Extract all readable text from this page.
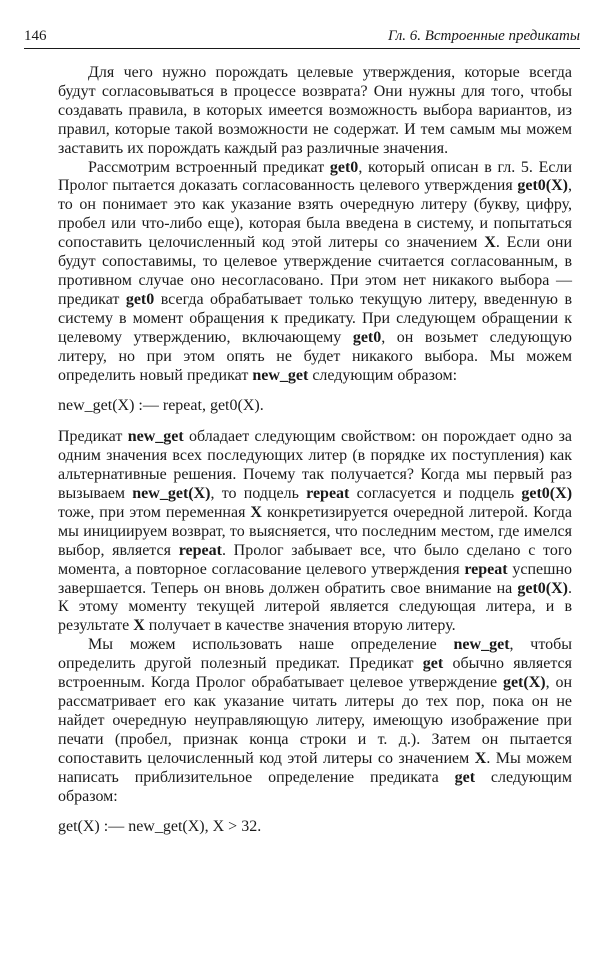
146	Гл. 6. Встроенные предикаты

Для чего нужно порождать целевые утверждения, которые всегда будут согласовываться в процессе возврата? Они нужны для того, чтобы создавать правила, в которых имеется возможность выбора вариантов, из правил, которые такой возможности не содержат. И тем самым мы можем заставить их порождать каждый раз различные значения.

Рассмотрим встроенный предикат get0, который описан в гл. 5. Если Пролог пытается доказать согласованность целевого утверждения get0(X), то он понимает это как указание взять очередную литеру (букву, цифру, пробел или что-либо еще), которая была введена в систему, и попытаться сопоставить целочисленный код этой литеры со значением X. Если они будут сопоставимы, то целевое утверждение считается согласованным, в противном случае оно несогласовано. При этом нет никакого выбора — предикат get0 всегда обрабатывает только текущую литеру, введенную в систему в момент обращения к предикату. При следующем обращении к целевому утверждению, включающему get0, он возьмет следующую литеру, но при этом опять не будет никакого выбора. Мы можем определить новый предикат new_get следующим образом:

new_get(X) :— repeat, get0(X).

Предикат new_get обладает следующим свойством: он порождает одно за одним значения всех последующих литер (в порядке их поступления) как альтернативные решения. Почему так получается? Когда мы первый раз вызываем new_get(X), то подцель repeat согласуется и подцель get0(X) тоже, при этом переменная X конкретизируется очередной литерой. Когда мы инициируем возврат, то выясняется, что последним местом, где имелся выбор, является repeat. Пролог забывает все, что было сделано с того момента, а повторное согласование целевого утверждения repeat успешно завершается. Теперь он вновь должен обратить свое внимание на get0(X). К этому моменту текущей литерой является следующая литера, и в результате X получает в качестве значения вторую литеру.

Мы можем использовать наше определение new_get, чтобы определить другой полезный предикат. Предикат get обычно является встроенным. Когда Пролог обрабатывает целевое утверждение get(X), он рассматривает его как указание читать литеры до тех пор, пока он не найдет очередную неуправляющую литеру, имеющую изображение при печати (пробел, признак конца строки и т. д.). Затем он пытается сопоставить целочисленный код этой литеры со значением X. Мы можем написать приблизительное определение предиката get следующим образом:

get(X) :— new_get(X), X > 32.
